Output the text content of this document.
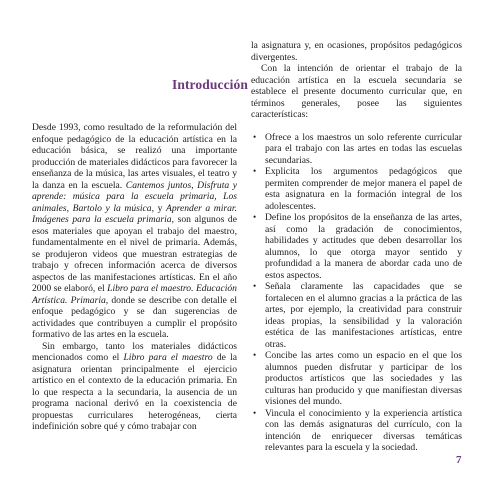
Introducción

Desde 1993, como resultado de la reformulación del enfoque pedagógico de la educación artística en la educación básica, se realizó una importante producción de materiales didácticos para favorecer la enseñanza de la música, las artes visuales, el teatro y la danza en la escuela. Cantemos juntos, Disfruta y aprende: música para la escuela primaria, Los animales, Bartolo y la música, y Aprender a mirar. Imágenes para la escuela primaria, son algunos de esos materiales que apoyan el trabajo del maestro, fundamentalmente en el nivel de primaria. Además, se produjeron videos que muestran estrategias de trabajo y ofrecen información acerca de diversos aspectos de las manifestaciones artísticas. En el año 2000 se elaboró, el Libro para el maestro. Educación Artística. Primaria, donde se describe con detalle el enfoque pedagógico y se dan sugerencias de actividades que contribuyen a cumplir el propósito formativo de las artes en la escuela.

Sin embargo, tanto los materiales didácticos mencionados como el Libro para el maestro de la asignatura orientan principalmente el ejercicio artístico en el contexto de la educación primaria. En lo que respecta a la secundaria, la ausencia de un programa nacional derivó en la coexistencia de propuestas curriculares heterogéneas, cierta indefinición sobre qué y cómo trabajar con

la asignatura y, en ocasiones, propósitos pedagógicos divergentes.

Con la intención de orientar el trabajo de la educación artística en la escuela secundaria se establece el presente documento curricular que, en términos generales, posee las siguientes características:

• Ofrece a los maestros un solo referente curricular para el trabajo con las artes en todas las escuelas secundarias.
• Explicita los argumentos pedagógicos que permiten comprender de mejor manera el papel de esta asignatura en la formación integral de los adolescentes.
• Define los propósitos de la enseñanza de las artes, así como la gradación de conocimientos, habilidades y actitudes que deben desarrollar los alumnos, lo que otorga mayor sentido y profundidad a la manera de abordar cada uno de estos aspectos.
• Señala claramente las capacidades que se fortalecen en el alumno gracias a la práctica de las artes, por ejemplo, la creatividad para construir ideas propias, la sensibilidad y la valoración estética de las manifestaciones artísticas, entre otras.
• Concibe las artes como un espacio en el que los alumnos pueden disfrutar y participar de los productos artísticos que las sociedades y las culturas han producido y que manifiestan diversas visiones del mundo.
• Vincula el conocimiento y la experiencia artística con las demás asignaturas del currículo, con la intención de enriquecer diversas temáticas relevantes para la escuela y la sociedad.
7
